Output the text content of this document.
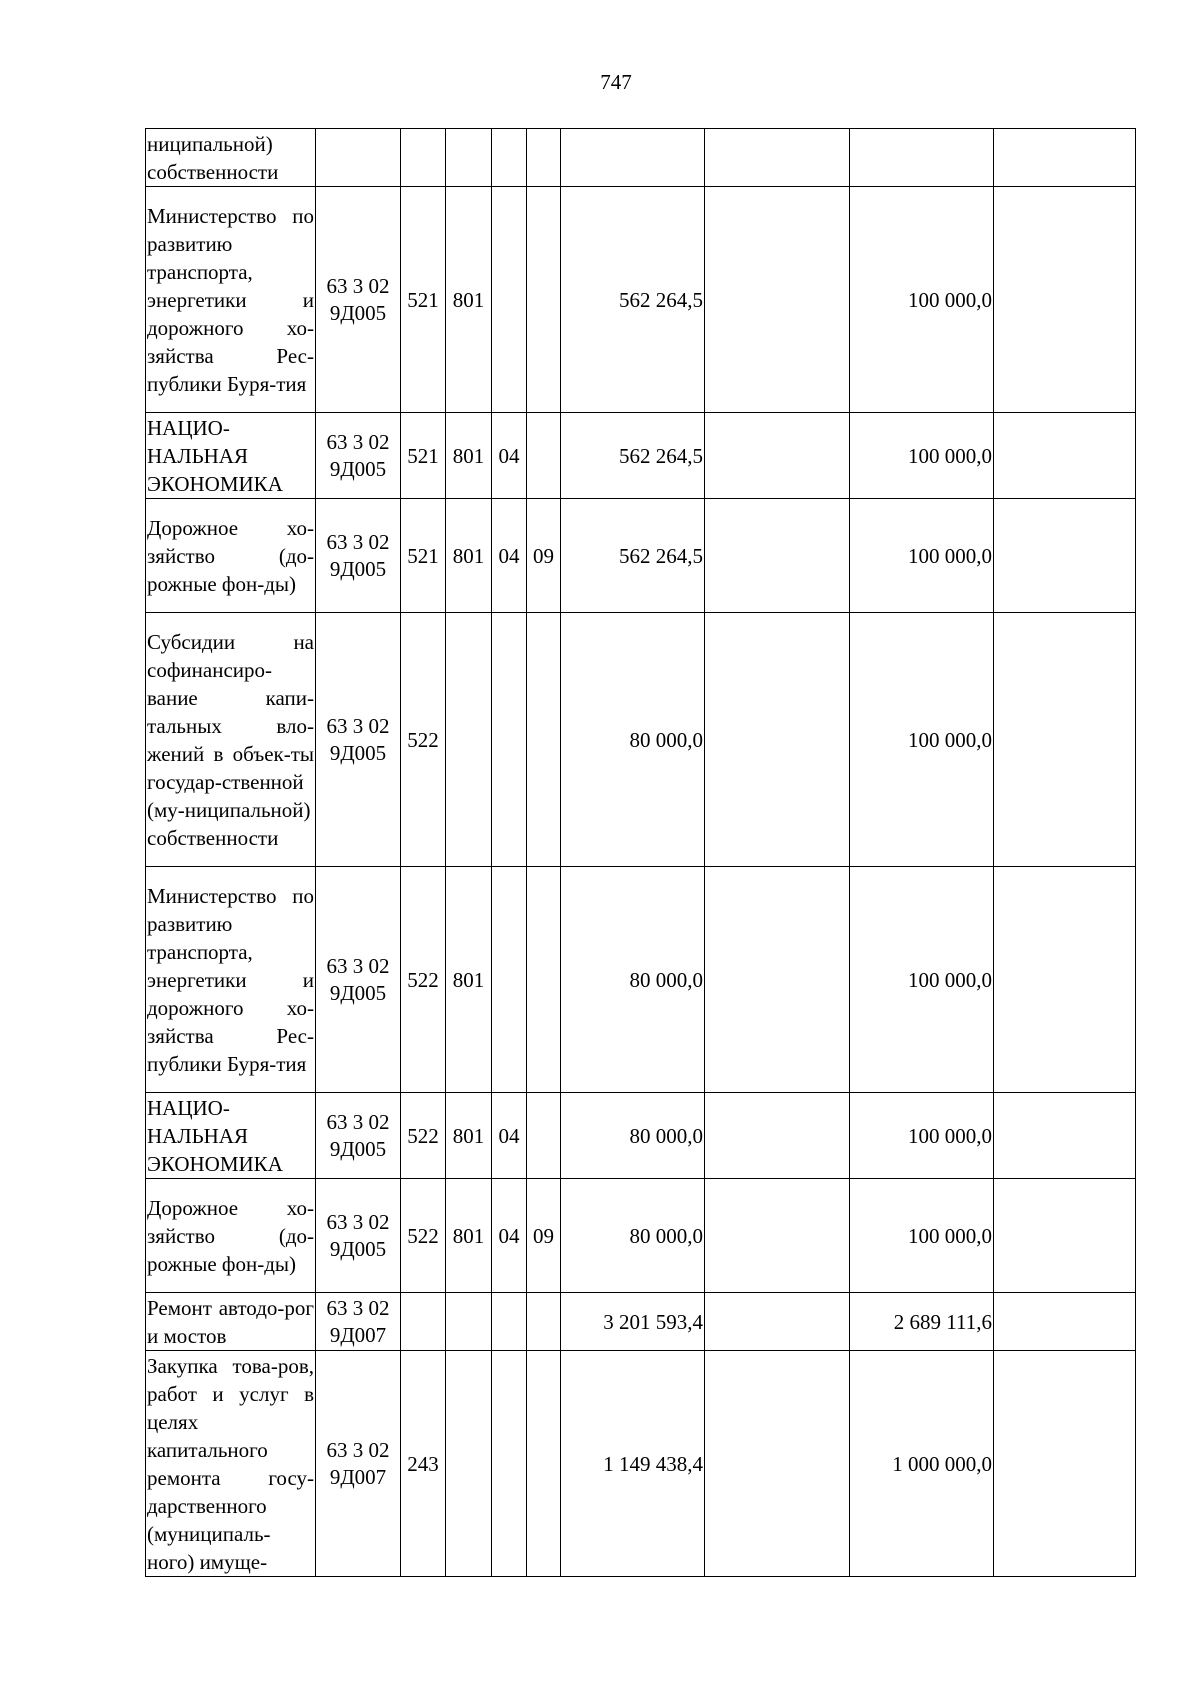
747
ниципальной) собственности									
Министерство по развитию транспорта, энергетики и дорожного хо-зяйства Рес-публики Буря-тия	63 3 02 9Д005	521	801			562 264,5		100 000,0	
НАЦИО-НАЛЬНАЯ ЭКОНОМИКА	63 3 02 9Д005	521	801	04		562 264,5		100 000,0	
Дорожное хо-зяйство (до-рожные фон-ды)	63 3 02 9Д005	521	801	04	09	562 264,5		100 000,0	
Субсидии на софинансиро-вание капи-тальных вло-жений в объек-ты государ-ственной (му-ниципальной) собственности	63 3 02 9Д005	522				80 000,0		100 000,0	
Министерство по развитию транспорта, энергетики и дорожного хо-зяйства Рес-публики Буря-тия	63 3 02 9Д005	522	801			80 000,0		100 000,0	
НАЦИО-НАЛЬНАЯ ЭКОНОМИКА	63 3 02 9Д005	522	801	04		80 000,0		100 000,0	
Дорожное хо-зяйство (до-рожные фон-ды)	63 3 02 9Д005	522	801	04	09	80 000,0		100 000,0	
Ремонт автодо-рог и мостов	63 3 02 9Д007					3 201 593,4		2 689 111,6	
Закупка това-ров, работ и услуг в целях капитального ремонта госу-дарственного (муниципаль-ного) имуще-	63 3 02 9Д007	243				1 149 438,4		1 000 000,0	
